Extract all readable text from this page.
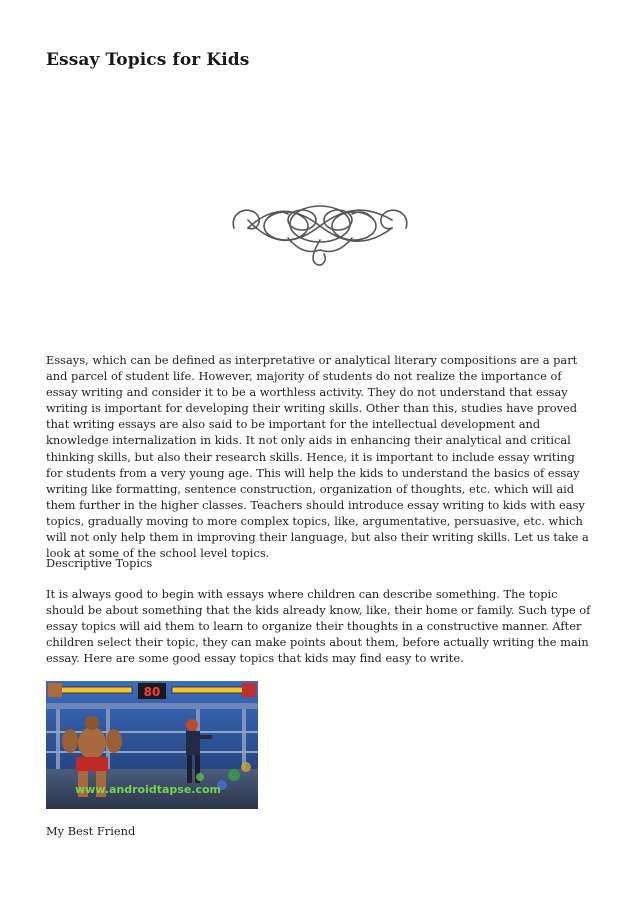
Essay Topics for Kids

Essays, which can be defined as interpretative or analytical literary compositions are a part and parcel of student life. However, majority of students do not realize the importance of essay writing and consider it to be a worthless activity. They do not understand that essay writing is important for developing their writing skills. Other than this, studies have proved that writing essays are also said to be important for the intellectual development and knowledge internalization in kids. It not only aids in enhancing their analytical and critical thinking skills, but also their research skills. Hence, it is important to include essay writing for students from a very young age. This will help the kids to understand the basics of essay writing like formatting, sentence construction, organization of thoughts, etc. which will aid them further in the higher classes. Teachers should introduce essay writing to kids with easy topics, gradually moving to more complex topics, like, argumentative, persuasive, etc. which will not only help them in improving their language, but also their writing skills. Let us take a look at some of the school level topics.

Descriptive Topics

It is always good to begin with essays where children can describe something. The topic should be about something that the kids already know, like, their home or family. Such type of essay topics will aid them to learn to organize their thoughts in a constructive manner. After children select their topic, they can make points about them, before actually writing the main essay. Here are some good essay topics that kids may find easy to write.

80
www.androidtapse.com

My Best Friend
